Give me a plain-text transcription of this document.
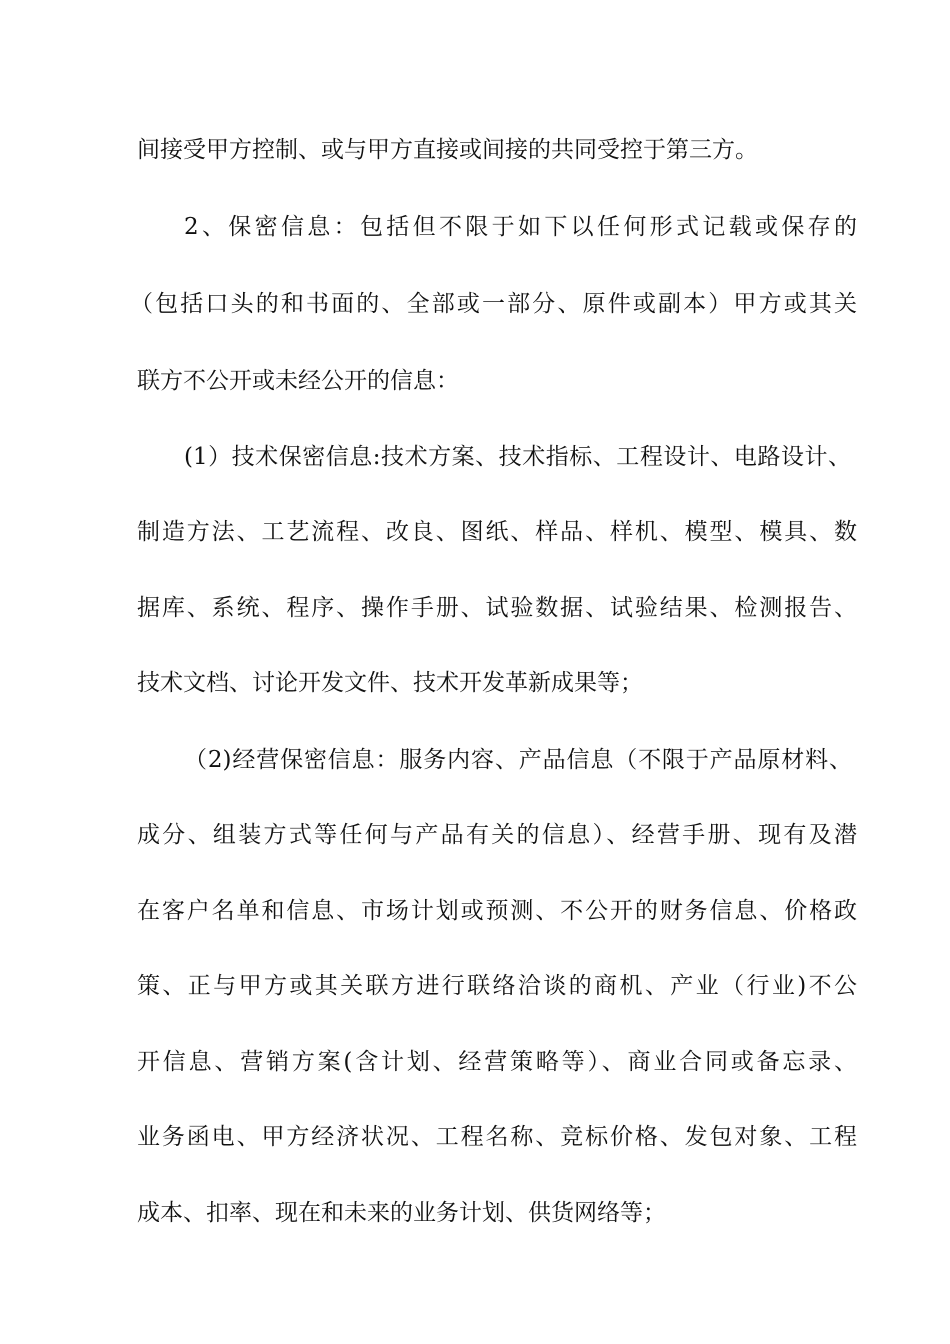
间接受甲方控制、或与甲方直接或间接的共同受控于第三方。
2、保密信息：包括但不限于如下以任何形式记载或保存的
（包括口头的和书面的、全部或一部分、原件或副本）甲方或其关
联方不公开或未经公开的信息：
(1）技术保密信息:技术方案、技术指标、工程设计、电路设计、
制造方法、工艺流程、改良、图纸、样品、样机、模型、模具、数
据库、系统、程序、操作手册、试验数据、试验结果、检测报告、
技术文档、讨论开发文件、技术开发革新成果等；
（2)经营保密信息：服务内容、产品信息（不限于产品原材料、
成分、组装方式等任何与产品有关的信息）、经营手册、现有及潜
在客户名单和信息、市场计划或预测、不公开的财务信息、价格政
策、正与甲方或其关联方进行联络洽谈的商机、产业（行业)不公
开信息、营销方案(含计划、经营策略等）、商业合同或备忘录、
业务函电、甲方经济状况、工程名称、竞标价格、发包对象、工程
成本、扣率、现在和未来的业务计划、供货网络等；
